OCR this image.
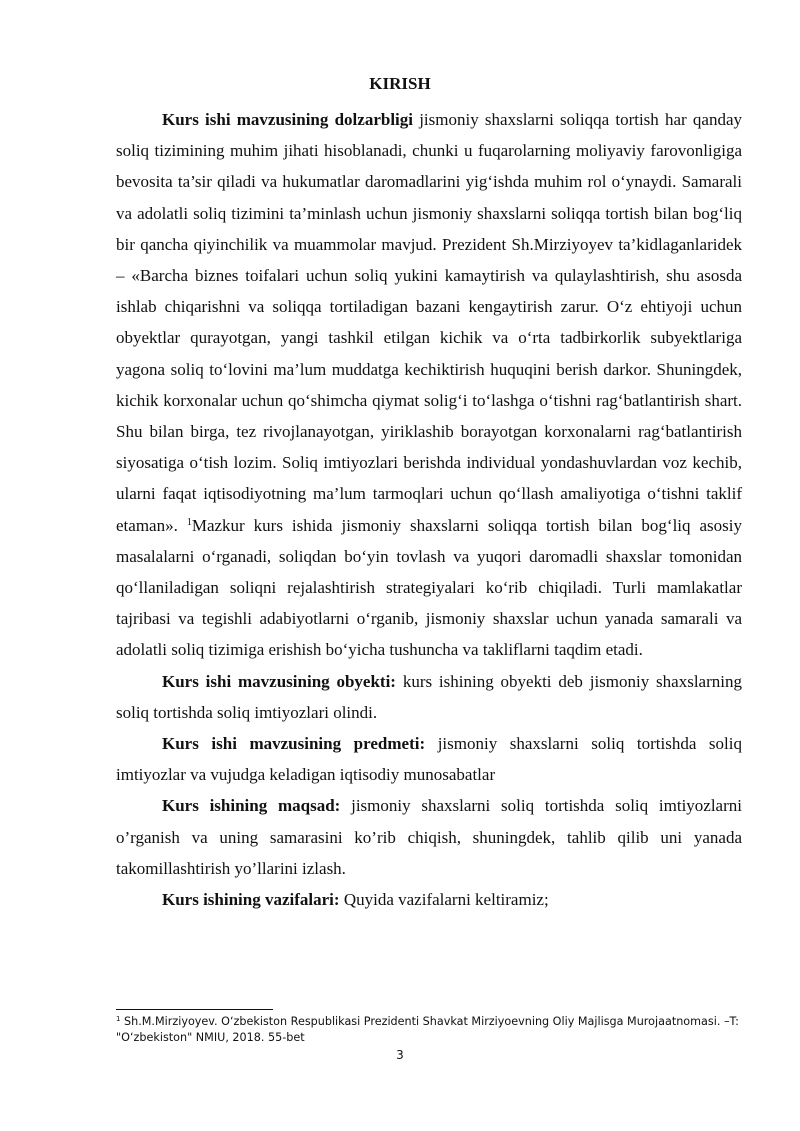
KIRISH

Kurs ishi mavzusining dolzarbligi jismoniy shaxslarni soliqqa tortish har qanday soliq tizimining muhim jihati hisoblanadi, chunki u fuqarolarning moliyaviy farovonligiga bevosita ta’sir qiladi va hukumatlar daromadlarini yig‘ishda muhim rol o‘ynaydi. Samarali va adolatli soliq tizimini ta’minlash uchun jismoniy shaxslarni soliqqa tortish bilan bog‘liq bir qancha qiyinchilik va muammolar mavjud. Prezident Sh.Mirziyoyev ta’kidlaganlaridek – «Barcha biznes toifalari uchun soliq yukini kamaytirish va qulaylashtirish, shu asosda ishlab chiqarishni va soliqqa tortiladigan bazani kengaytirish zarur. O‘z ehtiyoji uchun obyektlar qurayotgan, yangi tashkil etilgan kichik va o‘rta tadbirkorlik subyektlariga yagona soliq to‘lovini ma’lum muddatga kechiktirish huquqini berish darkor. Shuningdek, kichik korxonalar uchun qo‘shimcha qiymat solig‘i to‘lashga o‘tishni rag‘batlantirish shart. Shu bilan birga, tez rivojlanayotgan, yiriklashib borayotgan korxonalarni rag‘batlantirish siyosatiga o‘tish lozim. Soliq imtiyozlari berishda individual yondashuvlardan voz kechib, ularni faqat iqtisodiyotning ma’lum tarmoqlari uchun qo‘llash amaliyotiga o‘tishni taklif etaman». $^1$Mazkur kurs ishida jismoniy shaxslarni soliqqa tortish bilan bog‘liq asosiy masalalarni o‘rganadi, soliqdan bo‘yin tovlash va yuqori daromadli shaxslar tomonidan qo‘llaniladigan soliqni rejalashtirish strategiyalari ko‘rib chiqiladi. Turli mamlakatlar tajribasi va tegishli adabiyotlarni o‘rganib, jismoniy shaxslar uchun yanada samarali va adolatli soliq tizimiga erishish bo‘yicha tushuncha va takliflarni taqdim etadi.

Kurs ishi mavzusining obyekti: kurs ishining obyekti deb jismoniy shaxslarning soliq tortishda soliq imtiyozlari olindi.

Kurs ishi mavzusining predmeti: jismoniy shaxslarni soliq tortishda soliq imtiyozlar va vujudga keladigan iqtisodiy munosabatlar

Kurs ishining maqsad: jismoniy shaxslarni soliq tortishda soliq imtiyozlarni o’rganish va uning samarasini ko’rib chiqish, shuningdek, tahlib qilib uni yanada takomillashtirish yo’llarini izlash.

Kurs ishining vazifalari: Quyida vazifalarni keltiramiz;

$^1$ Sh.M.Mirziyoyev. O‘zbekiston Respublikasi Prezidenti Shavkat Mirziyoevning Oliy Majlisga Murojaatnomasi. –T: "O‘zbekiston" NMIU, 2018. 55-bet
3
